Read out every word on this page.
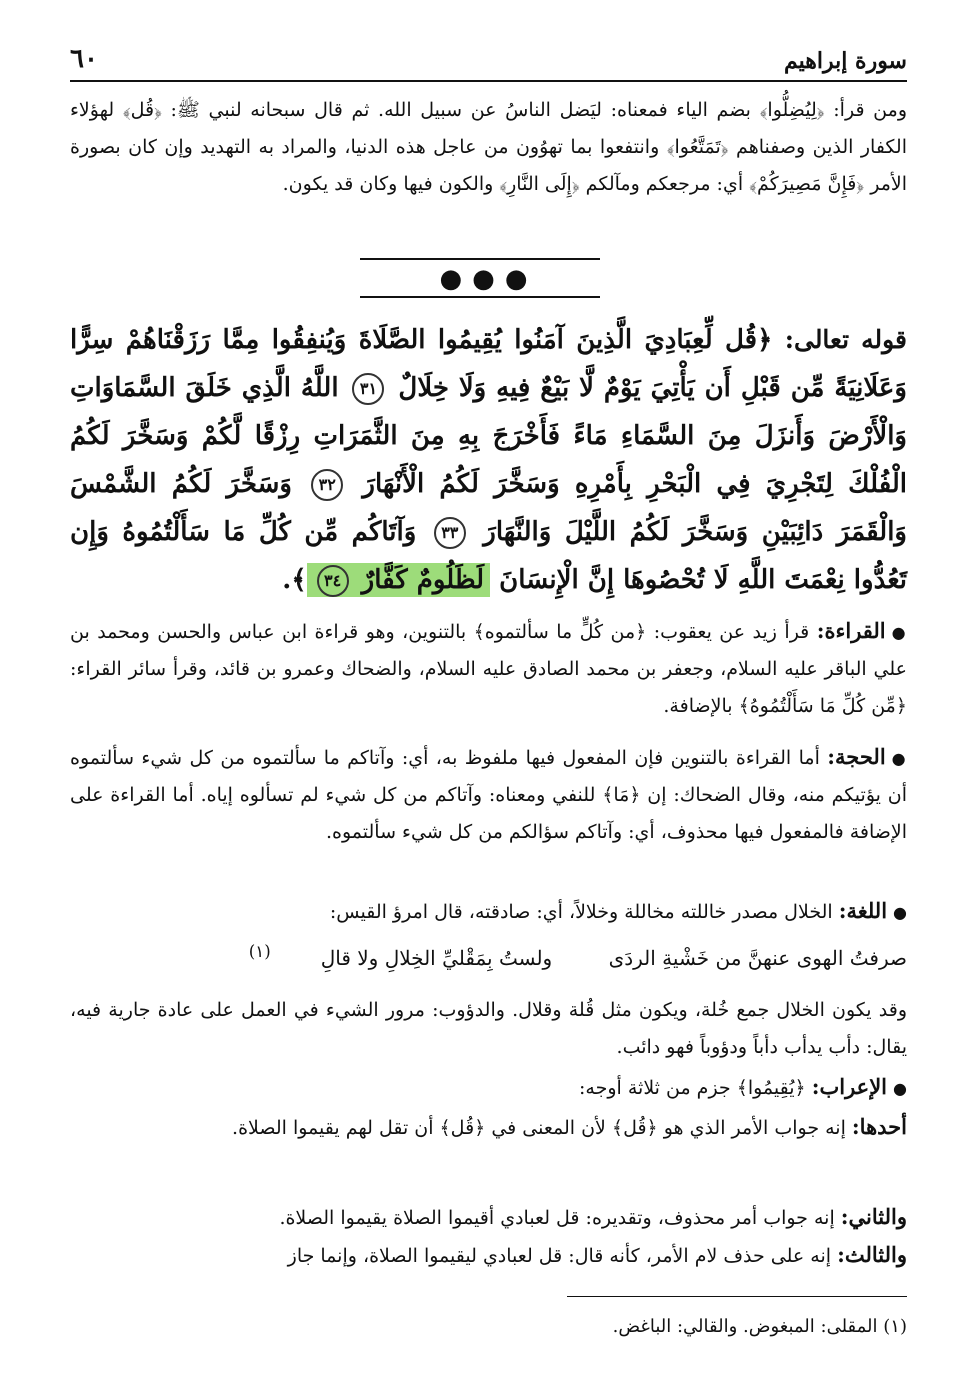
سورة إبراهيم
٦٠

ومن قرأ: ﴿لِيُضِلُّوا﴾ بضم الياء فمعناه: ليَضل الناسُ عن سبيل الله. ثم قال سبحانه لنبي ﷺ: ﴿قُل﴾ لهؤلاء الكفار الذين وصفناهم ﴿تَمَتَّعُوا﴾ وانتفعوا بما تهوُون من عاجل هذه الدنيا، والمراد به التهديد وإن كان بصورة الأمر ﴿فَإِنَّ مَصِيرَكُمْ﴾ أي: مرجعكم ومآلكم ﴿إِلَى النَّارِ﴾ والكون فيها وكان قد يكون.

●●●

قوله تعالى: ﴿قُل لِّعِبَادِيَ الَّذِينَ آمَنُوا يُقِيمُوا الصَّلَاةَ وَيُنفِقُوا مِمَّا رَزَقْنَاهُمْ سِرًّا وَعَلَانِيَةً مِّن قَبْلِ أَن يَأْتِيَ يَوْمٌ لَّا بَيْعٌ فِيهِ وَلَا خِلَالٌ ٣١ اللَّهُ الَّذِي خَلَقَ السَّمَاوَاتِ وَالْأَرْضَ وَأَنزَلَ مِنَ السَّمَاءِ مَاءً فَأَخْرَجَ بِهِ مِنَ الثَّمَرَاتِ رِزْقًا لَّكُمْ وَسَخَّرَ لَكُمُ الْفُلْكَ لِتَجْرِيَ فِي الْبَحْرِ بِأَمْرِهِ وَسَخَّرَ لَكُمُ الْأَنْهَارَ ٣٢ وَسَخَّرَ لَكُمُ الشَّمْسَ وَالْقَمَرَ دَائِبَيْنِ وَسَخَّرَ لَكُمُ اللَّيْلَ وَالنَّهَارَ ٣٣ وَآتَاكُم مِّن كُلِّ مَا سَأَلْتُمُوهُ وَإِن تَعُدُّوا نِعْمَتَ اللَّهِ لَا تُحْصُوهَا إِنَّ الْإِنسَانَ لَظَلُومٌ كَفَّارٌ ٣٤﴾.

●القراءة: قرأ زيد عن يعقوب: ﴿من كُلٍّ ما سألتموه﴾ بالتنوين، وهو قراءة ابن عباس والحسن ومحمد بن علي الباقر عليه السلام، وجعفر بن محمد الصادق عليه السلام، والضحاك وعمرو بن قائد، وقرأ سائر القراء: ﴿مِّن كُلِّ مَا سَأَلْتُمُوهُ﴾ بالإضافة.

●الحجة: أما القراءة بالتنوين فإن المفعول فيها ملفوظ به، أي: وآتاكم ما سألتموه من كل شيء سألتموه أن يؤتيكم منه، وقال الضحاك: إن ﴿مَا﴾ للنفي ومعناه: وآتاكم من كل شيء لم تسألوه إياه. أما القراءة على الإضافة فالمفعول فيها محذوف، أي: وآتاكم سؤالكم من كل شيء سألتموه.

●اللغة: الخلال مصدر خاللته مخاللة وخلالاً، أي: صادقته، قال امرؤ القيس:

صرفتُ الهوى عنهنَّ من خَشْيةِ الردَى ولستُ بِمَقْليِّ الخِلالِ ولا قالِ$^{(١)}$

وقد يكون الخلال جمع خُلة، ويكون مثل قُلة وقلال. والدؤوب: مرور الشيء في العمل على عادة جارية فيه، يقال: دأب يدأب دأباً ودؤوباً فهو دائب.

●الإعراب: ﴿يُقِيمُوا﴾ جزم من ثلاثة أوجه:

أحدها: إنه جواب الأمر الذي هو ﴿قُل﴾ لأن المعنى في ﴿قُل﴾ أن تقل لهم يقيموا الصلاة.

والثاني: إنه جواب أمر محذوف، وتقديره: قل لعبادي أقيموا الصلاة يقيموا الصلاة.

والثالث: إنه على حذف لام الأمر، كأنه قال: قل لعبادي ليقيموا الصلاة، وإنما جاز

(١) المقلى: المبغوض. والقالي: الباغض.
